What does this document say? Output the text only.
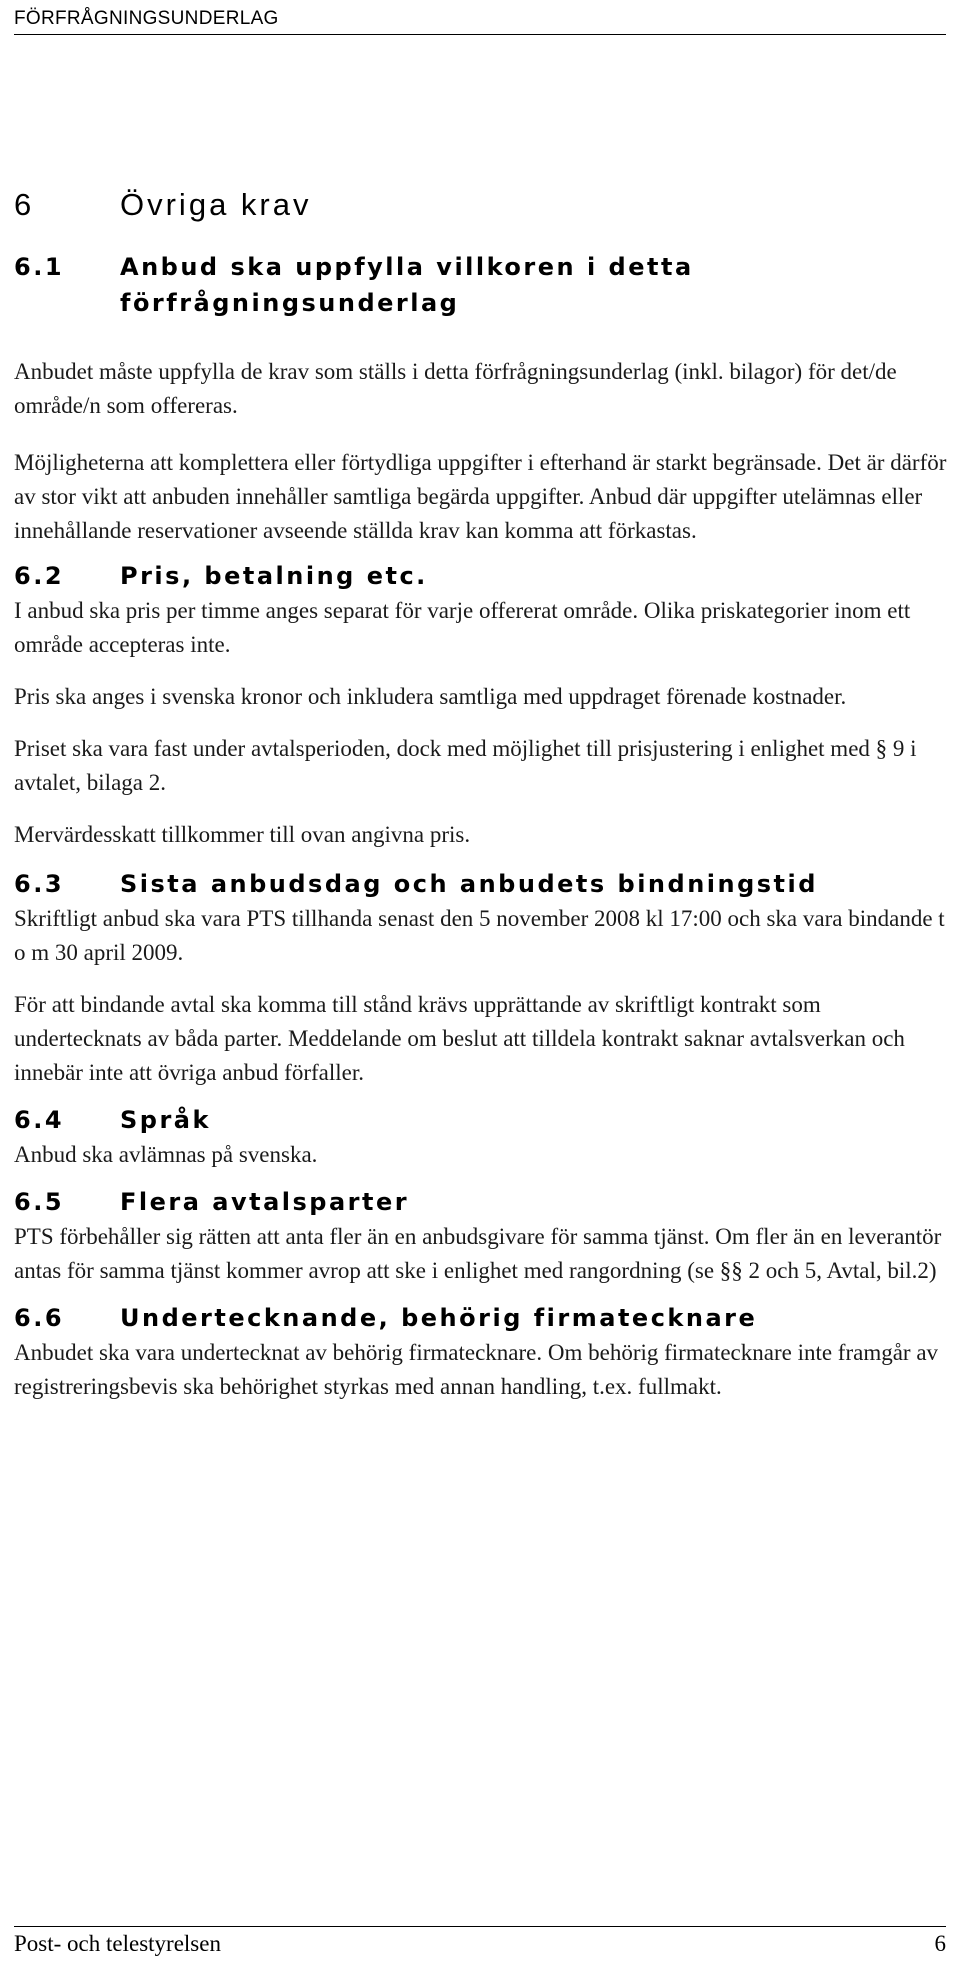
FÖRFRÅGNINGSUNDERLAG
6	Övriga krav
6.1	Anbud ska uppfylla villkoren i detta förfrågningsunderlag

Anbudet måste uppfylla de krav som ställs i detta förfrågningsunderlag (inkl. bilagor) för det/de område/n som offereras.

Möjligheterna att komplettera eller förtydliga uppgifter i efterhand är starkt begränsade. Det är därför av stor vikt att anbuden innehåller samtliga begärda uppgifter. Anbud där uppgifter utelämnas eller innehållande reservationer avseende ställda krav kan komma att förkastas.

6.2	Pris, betalning etc.

I anbud ska pris per timme anges separat för varje offererat område. Olika priskategorier inom ett område accepteras inte.

Pris ska anges i svenska kronor och inkludera samtliga med uppdraget förenade kostnader.

Priset ska vara fast under avtalsperioden, dock med möjlighet till prisjustering i enlighet med § 9 i avtalet, bilaga 2.

Mervärdesskatt tillkommer till ovan angivna pris.

6.3	Sista anbudsdag och anbudets bindningstid

Skriftligt anbud ska vara PTS tillhanda senast den 5 november 2008 kl 17:00 och ska vara bindande t o m 30 april 2009.

För att bindande avtal ska komma till stånd krävs upprättande av skriftligt kontrakt som undertecknats av båda parter. Meddelande om beslut att tilldela kontrakt saknar avtalsverkan och innebär inte att övriga anbud förfaller.

6.4	Språk

Anbud ska avlämnas på svenska.

6.5	Flera avtalsparter

PTS förbehåller sig rätten att anta fler än en anbudsgivare för samma tjänst. Om fler än en leverantör antas för samma tjänst kommer avrop att ske i enlighet med rangordning (se §§ 2 och 5, Avtal, bil.2)

6.6	Undertecknande, behörig firmatecknare

Anbudet ska vara undertecknat av behörig firmatecknare. Om behörig firmatecknare inte framgår av registreringsbevis ska behörighet styrkas med annan handling, t.ex. fullmakt.

Post- och telestyrelsen	6
